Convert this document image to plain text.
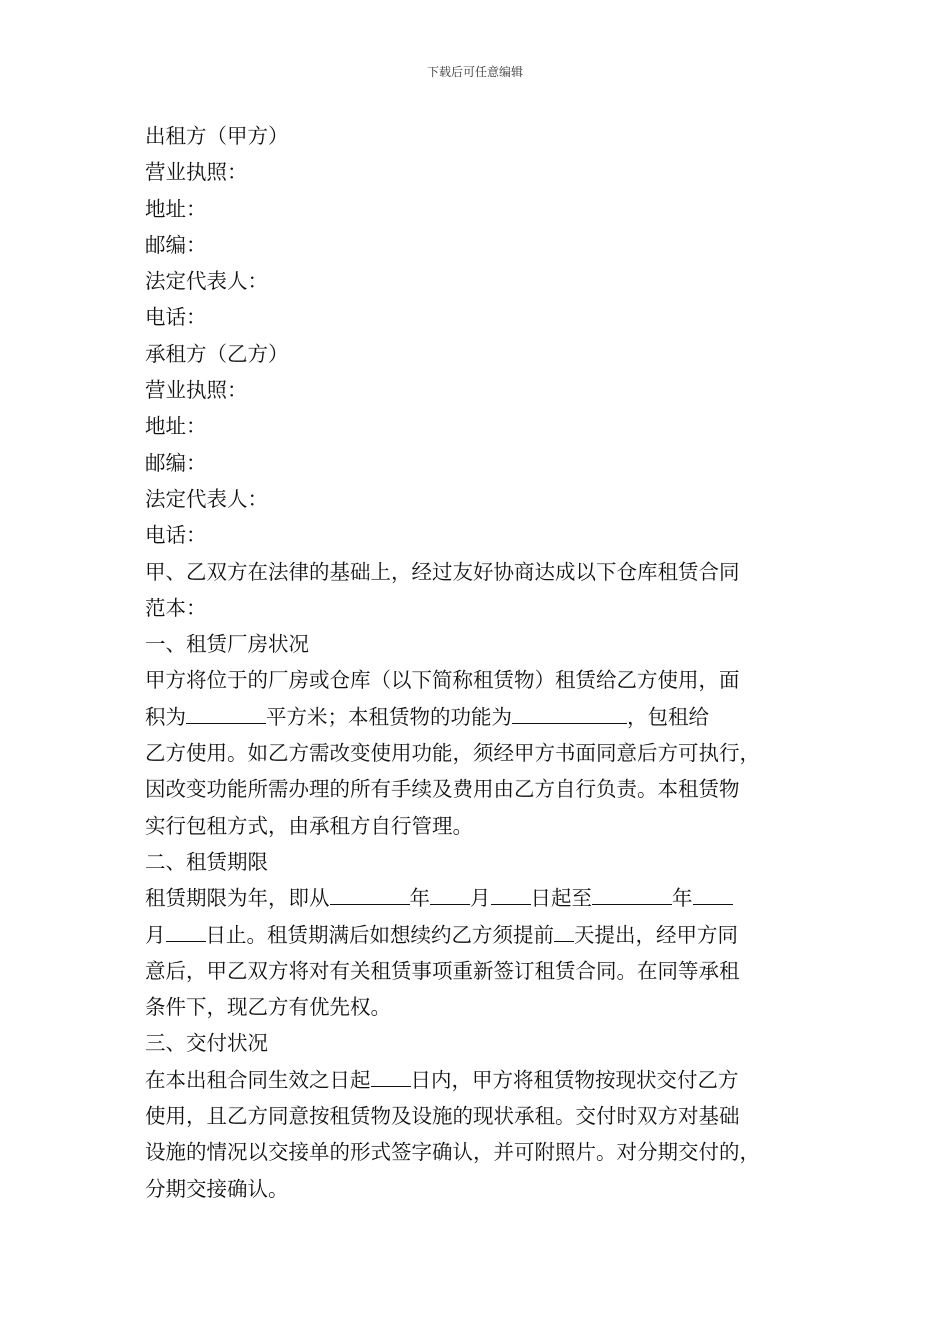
下载后可任意编辑
出租方（甲方）
营业执照：
地址：
邮编：
法定代表人：
电话：
承租方（乙方）
营业执照：
地址：
邮编：
法定代表人：
电话：
甲、乙双方在法律的基础上，经过友好协商达成以下仓库租赁合同
范本：
一、租赁厂房状况
甲方将位于的厂房或仓库（以下简称租赁物）租赁给乙方使用，面
积为	平方米；本租赁物的功能为	，包租给
乙方使用。如乙方需改变使用功能，须经甲方书面同意后方可执行，
因改变功能所需办理的所有手续及费用由乙方自行负责。本租赁物
实行包租方式，由承租方自行管理。
二、租赁期限
租赁期限为年，即从	年 月 日起至	年
月 日止。租赁期满后如想续约乙方须提前 天提出，经甲方同
意后，甲乙双方将对有关租赁事项重新签订租赁合同。在同等承租
条件下，现乙方有优先权。
三、交付状况
在本出租合同生效之日起 日内，甲方将租赁物按现状交付乙方
使用，且乙方同意按租赁物及设施的现状承租。交付时双方对基础
设施的情况以交接单的形式签字确认，并可附照片。对分期交付的，
分期交接确认。
